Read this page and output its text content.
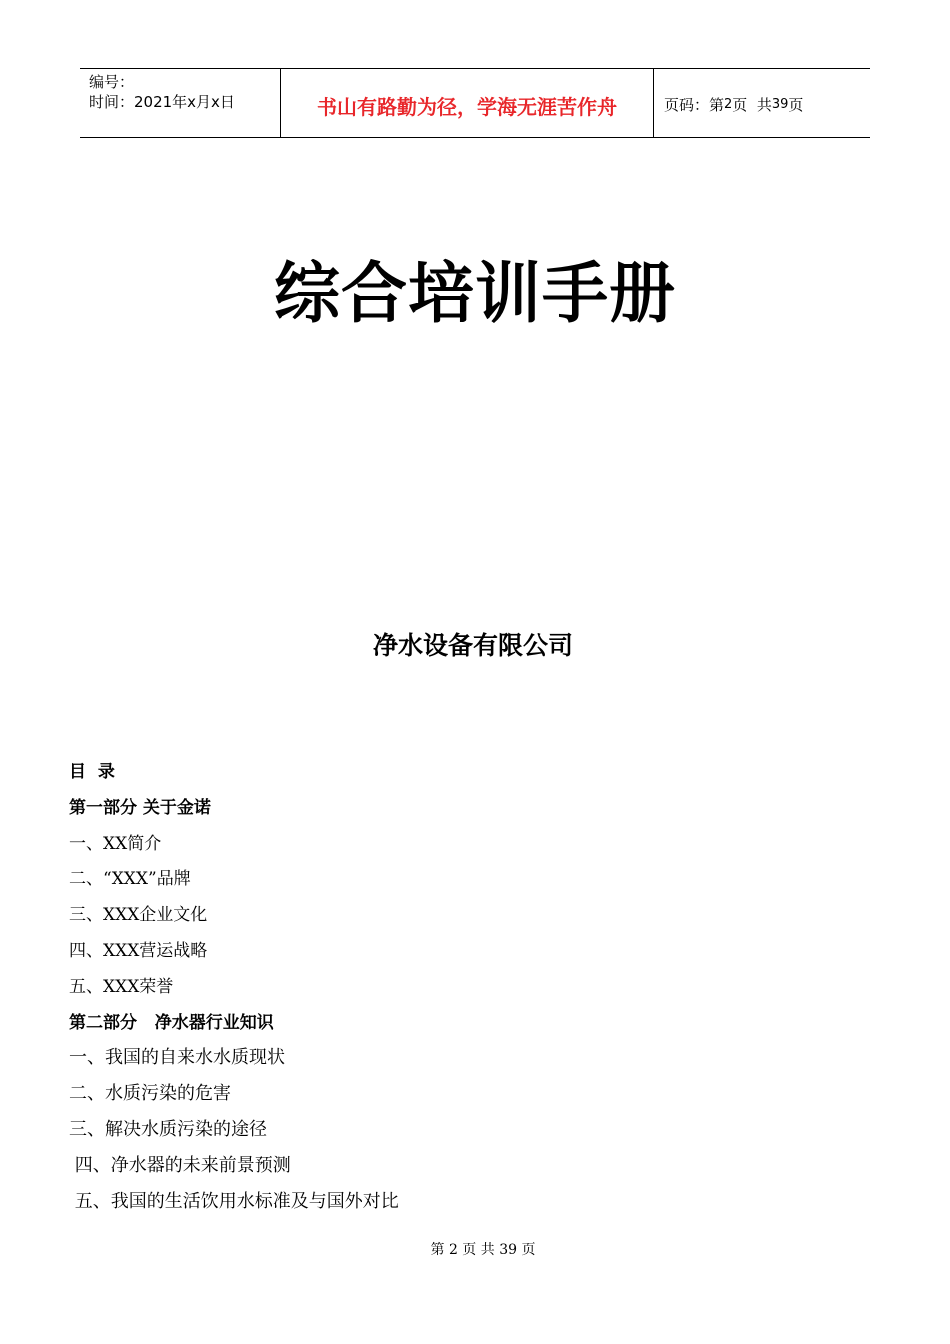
编号：
时间：2021年x月x日	书山有路勤为径，学海无涯苦作舟	页码：第 2 页  共 39 页
综合培训手册
净水设备有限公司
目  录
第一部分 关于金诺
一、XX简介
二、“XXX”品牌
三、XXX企业文化
四、XXX营运战略
五、XXX荣誉
第二部分   净水器行业知识
一、我国的自来水水质现状
二、水质污染的危害
三、解决水质污染的途径
四、净水器的未来前景预测
五、我国的生活饮用水标准及与国外对比
第 2 页 共 39 页
